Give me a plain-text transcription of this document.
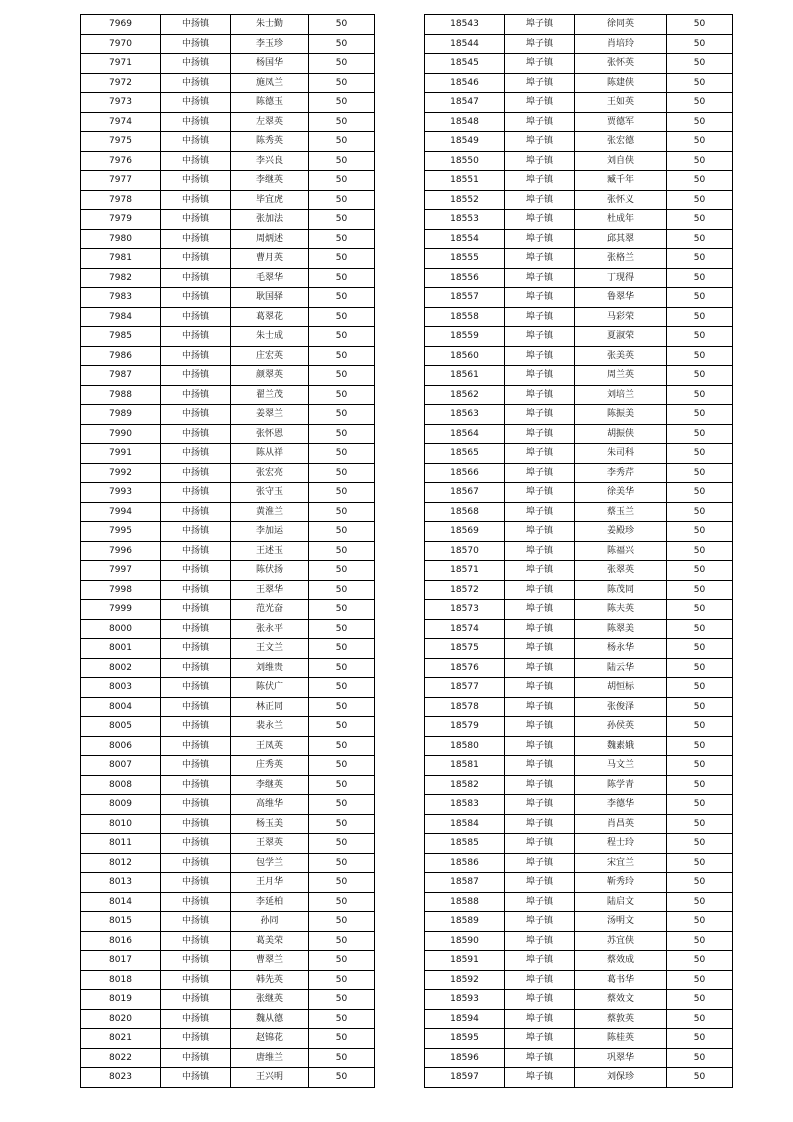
7969	中扬镇	朱士勤	50
7970	中扬镇	李玉珍	50
7971	中扬镇	杨国华	50
7972	中扬镇	施凤兰	50
7973	中扬镇	陈德玉	50
7974	中扬镇	左翠英	50
7975	中扬镇	陈秀英	50
7976	中扬镇	李兴良	50
7977	中扬镇	李继英	50
7978	中扬镇	毕宜虎	50
7979	中扬镇	张加法	50
7980	中扬镇	周炳述	50
7981	中扬镇	曹月英	50
7982	中扬镇	毛翠华	50
7983	中扬镇	耿国驿	50
7984	中扬镇	葛翠花	50
7985	中扬镇	朱士成	50
7986	中扬镇	庄宏英	50
7987	中扬镇	颜翠英	50
7988	中扬镇	翟兰茂	50
7989	中扬镇	姜翠兰	50
7990	中扬镇	张怀恩	50
7991	中扬镇	陈从祥	50
7992	中扬镇	张宏亮	50
7993	中扬镇	张守玉	50
7994	中扬镇	黄淮兰	50
7995	中扬镇	李加运	50
7996	中扬镇	王述玉	50
7997	中扬镇	陈伏扬	50
7998	中扬镇	王翠华	50
7999	中扬镇	范光奋	50
8000	中扬镇	张永平	50
8001	中扬镇	王文兰	50
8002	中扬镇	刘维贵	50
8003	中扬镇	陈伏广	50
8004	中扬镇	林正同	50
8005	中扬镇	裴永兰	50
8006	中扬镇	王凤英	50
8007	中扬镇	庄秀英	50
8008	中扬镇	李继英	50
8009	中扬镇	高维华	50
8010	中扬镇	杨玉美	50
8011	中扬镇	王翠英	50
8012	中扬镇	包学兰	50
8013	中扬镇	王月华	50
8014	中扬镇	李延柏	50
8015	中扬镇	孙同	50
8016	中扬镇	葛美荣	50
8017	中扬镇	曹翠兰	50
8018	中扬镇	韩先英	50
8019	中扬镇	张继英	50
8020	中扬镇	魏从德	50
8021	中扬镇	赵锦花	50
8022	中扬镇	唐维兰	50
8023	中扬镇	王兴明	50
18543	埠子镇	徐同英	50
18544	埠子镇	肖培玲	50
18545	埠子镇	张怀英	50
18546	埠子镇	陈建侠	50
18547	埠子镇	王如英	50
18548	埠子镇	贾德军	50
18549	埠子镇	张宏德	50
18550	埠子镇	刘自侠	50
18551	埠子镇	臧千年	50
18552	埠子镇	张怀义	50
18553	埠子镇	杜成年	50
18554	埠子镇	邱其翠	50
18555	埠子镇	张格兰	50
18556	埠子镇	丁现得	50
18557	埠子镇	鲁翠华	50
18558	埠子镇	马彩荣	50
18559	埠子镇	夏淑荣	50
18560	埠子镇	张美英	50
18561	埠子镇	周兰英	50
18562	埠子镇	刘培兰	50
18563	埠子镇	陈振美	50
18564	埠子镇	胡振侠	50
18565	埠子镇	朱司科	50
18566	埠子镇	李秀芹	50
18567	埠子镇	徐美华	50
18568	埠子镇	蔡玉兰	50
18569	埠子镇	姜殿珍	50
18570	埠子镇	陈福兴	50
18571	埠子镇	张翠英	50
18572	埠子镇	陈茂同	50
18573	埠子镇	陈夫英	50
18574	埠子镇	陈翠美	50
18575	埠子镇	杨永华	50
18576	埠子镇	陆云华	50
18577	埠子镇	胡恒标	50
18578	埠子镇	张俊泽	50
18579	埠子镇	孙侯英	50
18580	埠子镇	魏素娥	50
18581	埠子镇	马文兰	50
18582	埠子镇	陈学青	50
18583	埠子镇	李德华	50
18584	埠子镇	肖昌英	50
18585	埠子镇	程士玲	50
18586	埠子镇	宋宜兰	50
18587	埠子镇	靳秀玲	50
18588	埠子镇	陆启文	50
18589	埠子镇	汤明文	50
18590	埠子镇	苏宜侠	50
18591	埠子镇	蔡效成	50
18592	埠子镇	葛书华	50
18593	埠子镇	蔡效文	50
18594	埠子镇	蔡敦英	50
18595	埠子镇	陈桂英	50
18596	埠子镇	巩翠华	50
18597	埠子镇	刘保珍	50
